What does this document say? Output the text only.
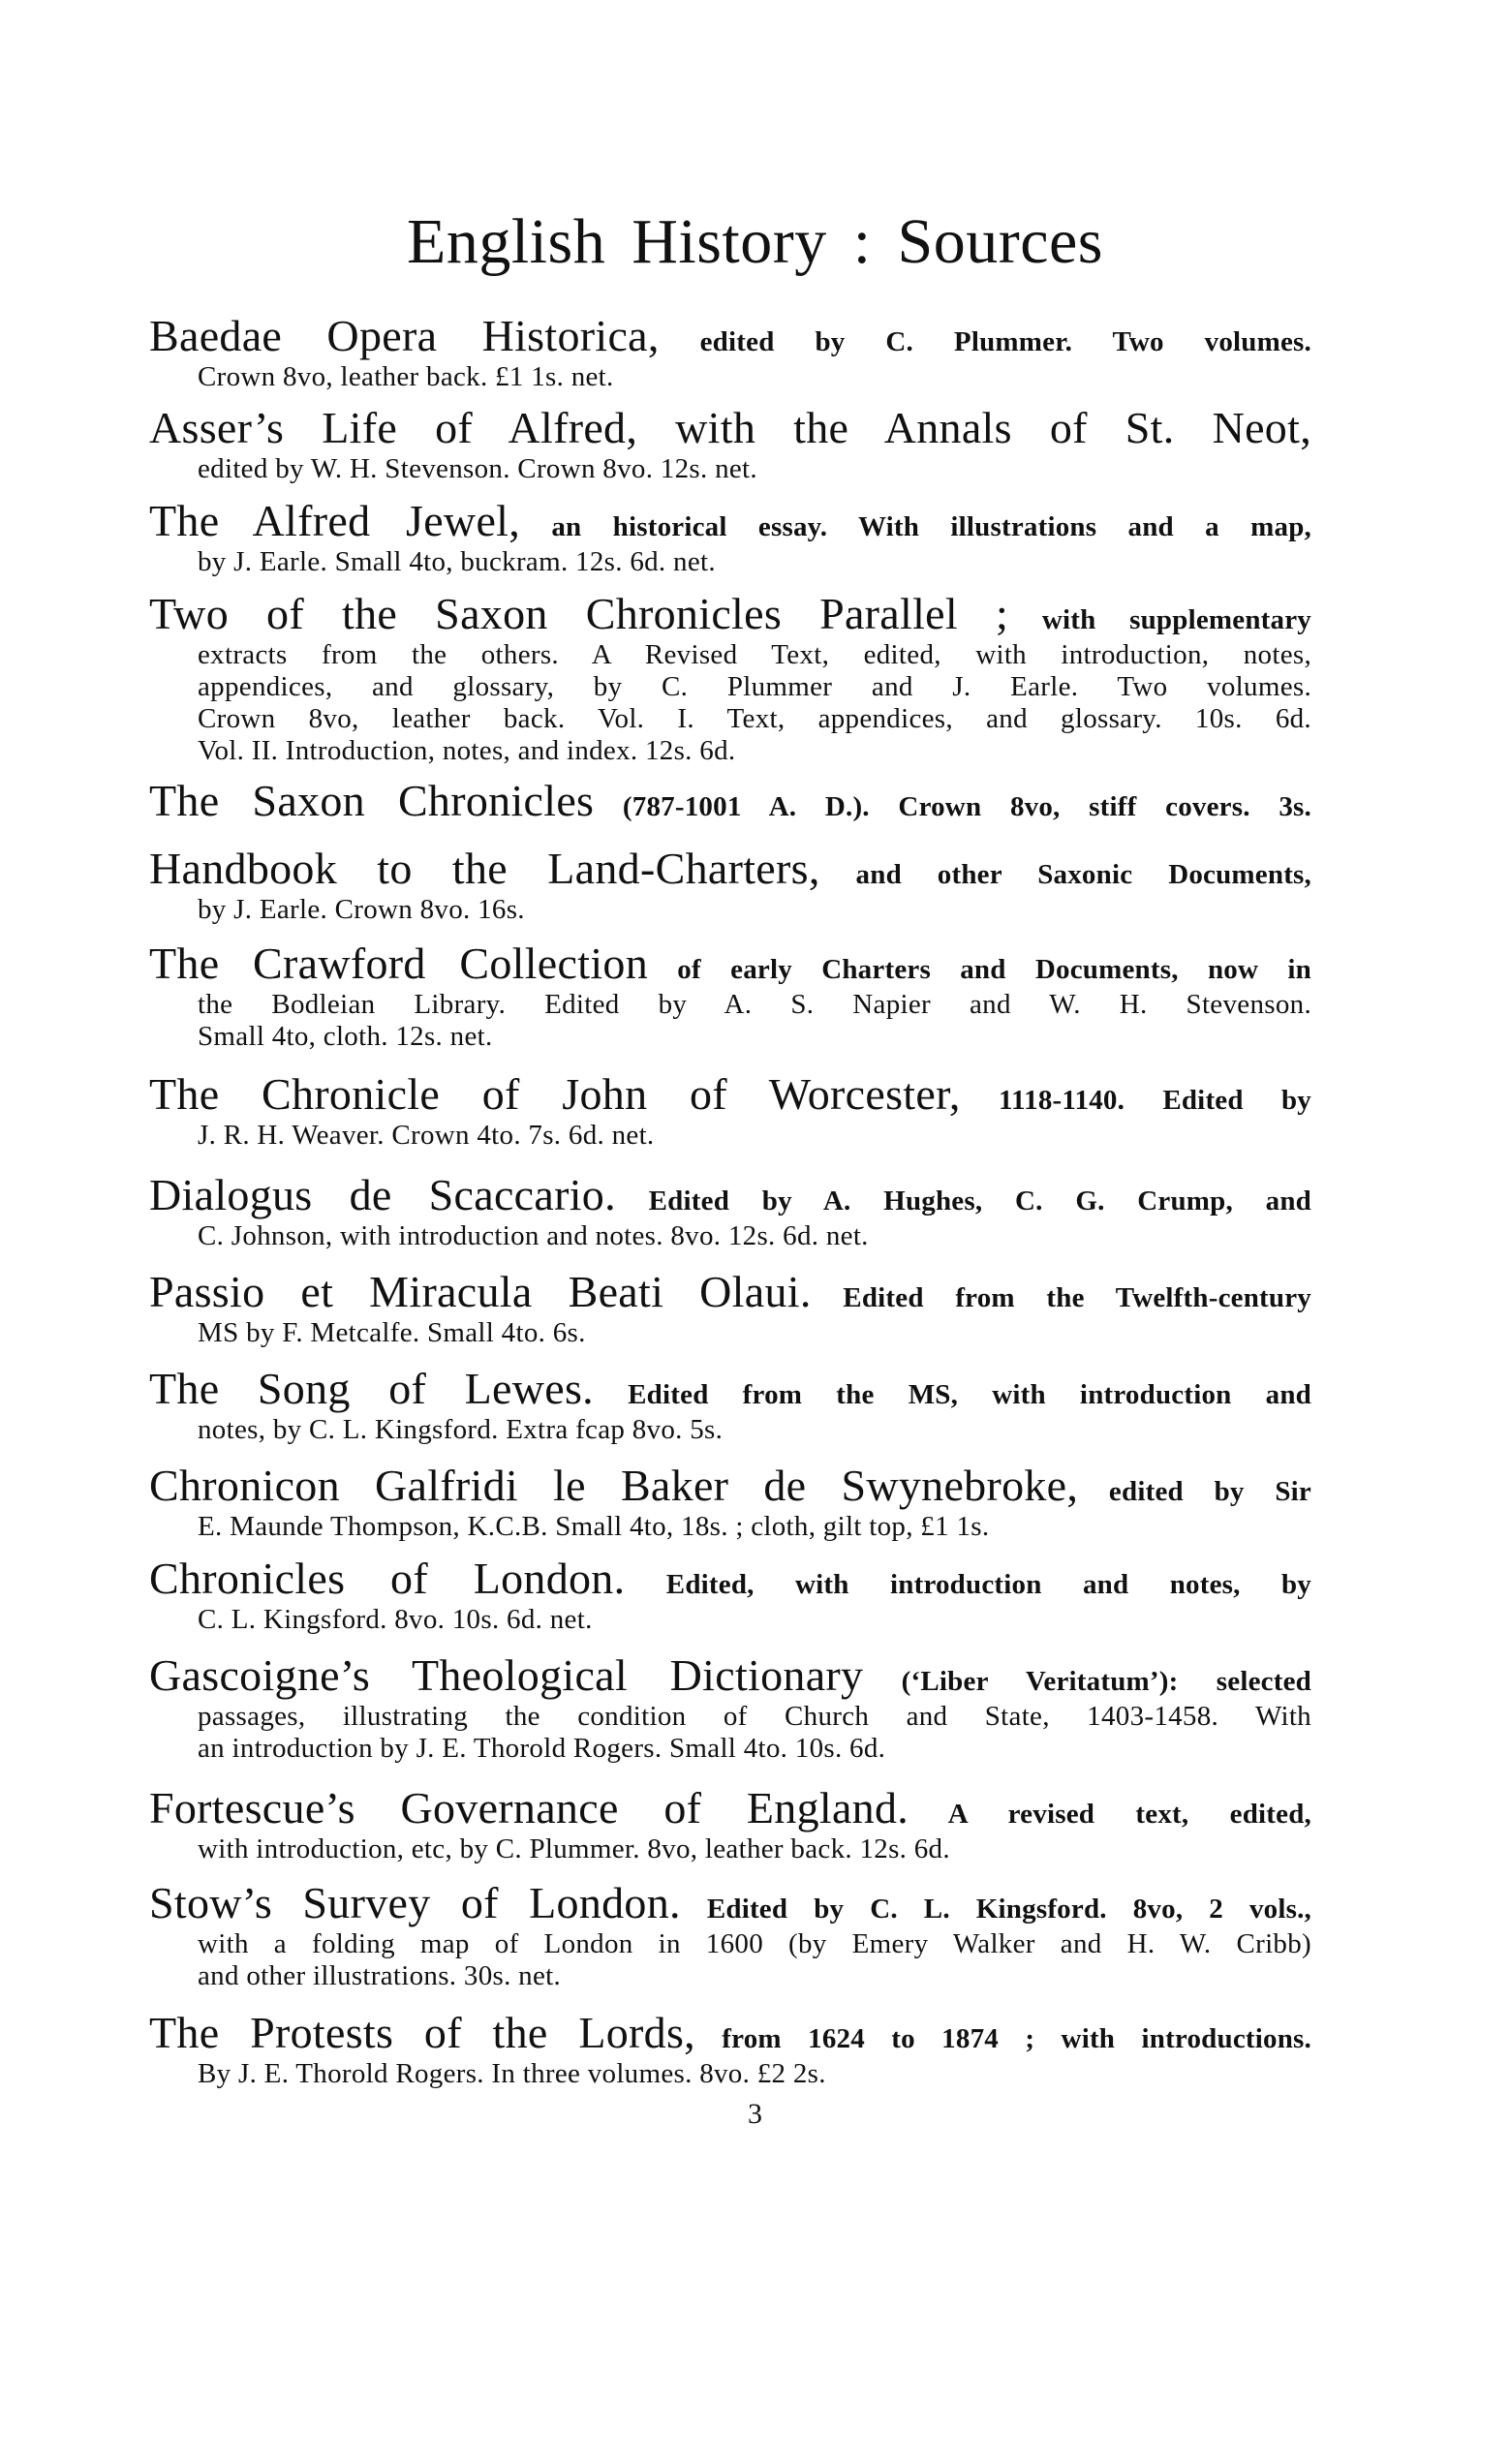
English History : Sources
Baedae Opera Historica, edited by C. Plummer. Two volumes.
Crown 8vo, leather back. £1 1s. net.
Asser’s Life of Alfred, with the Annals of St. Neot,
edited by W. H. Stevenson. Crown 8vo. 12s. net.
The Alfred Jewel, an historical essay. With illustrations and a map,
by J. Earle. Small 4to, buckram. 12s. 6d. net.
Two of the Saxon Chronicles Parallel ; with supplementary
extracts from the others. A Revised Text, edited, with introduction, notes,
appendices, and glossary, by C. Plummer and J. Earle. Two volumes.
Crown 8vo, leather back. Vol. I. Text, appendices, and glossary. 10s. 6d.
Vol. II. Introduction, notes, and index. 12s. 6d.
The Saxon Chronicles (787-1001 A. D.). Crown 8vo, stiff covers. 3s.
Handbook to the Land-Charters, and other Saxonic Documents,
by J. Earle. Crown 8vo. 16s.
The Crawford Collection of early Charters and Documents, now in
the Bodleian Library. Edited by A. S. Napier and W. H. Stevenson.
Small 4to, cloth. 12s. net.
The Chronicle of John of Worcester, 1118-1140. Edited by
J. R. H. Weaver. Crown 4to. 7s. 6d. net.
Dialogus de Scaccario. Edited by A. Hughes, C. G. Crump, and
C. Johnson, with introduction and notes. 8vo. 12s. 6d. net.
Passio et Miracula Beati Olaui. Edited from the Twelfth-century
MS by F. Metcalfe. Small 4to. 6s.
The Song of Lewes. Edited from the MS, with introduction and
notes, by C. L. Kingsford. Extra fcap 8vo. 5s.
Chronicon Galfridi le Baker de Swynebroke, edited by Sir
E. Maunde Thompson, K.C.B. Small 4to, 18s. ; cloth, gilt top, £1 1s.
Chronicles of London. Edited, with introduction and notes, by
C. L. Kingsford. 8vo. 10s. 6d. net.
Gascoigne’s Theological Dictionary (‘Liber Veritatum’): selected
passages, illustrating the condition of Church and State, 1403-1458. With
an introduction by J. E. Thorold Rogers. Small 4to. 10s. 6d.
Fortescue’s Governance of England. A revised text, edited,
with introduction, etc, by C. Plummer. 8vo, leather back. 12s. 6d.
Stow’s Survey of London. Edited by C. L. Kingsford. 8vo, 2 vols.,
with a folding map of London in 1600 (by Emery Walker and H. W. Cribb)
and other illustrations. 30s. net.
The Protests of the Lords, from 1624 to 1874 ; with introductions.
By J. E. Thorold Rogers. In three volumes. 8vo. £2 2s.
3
